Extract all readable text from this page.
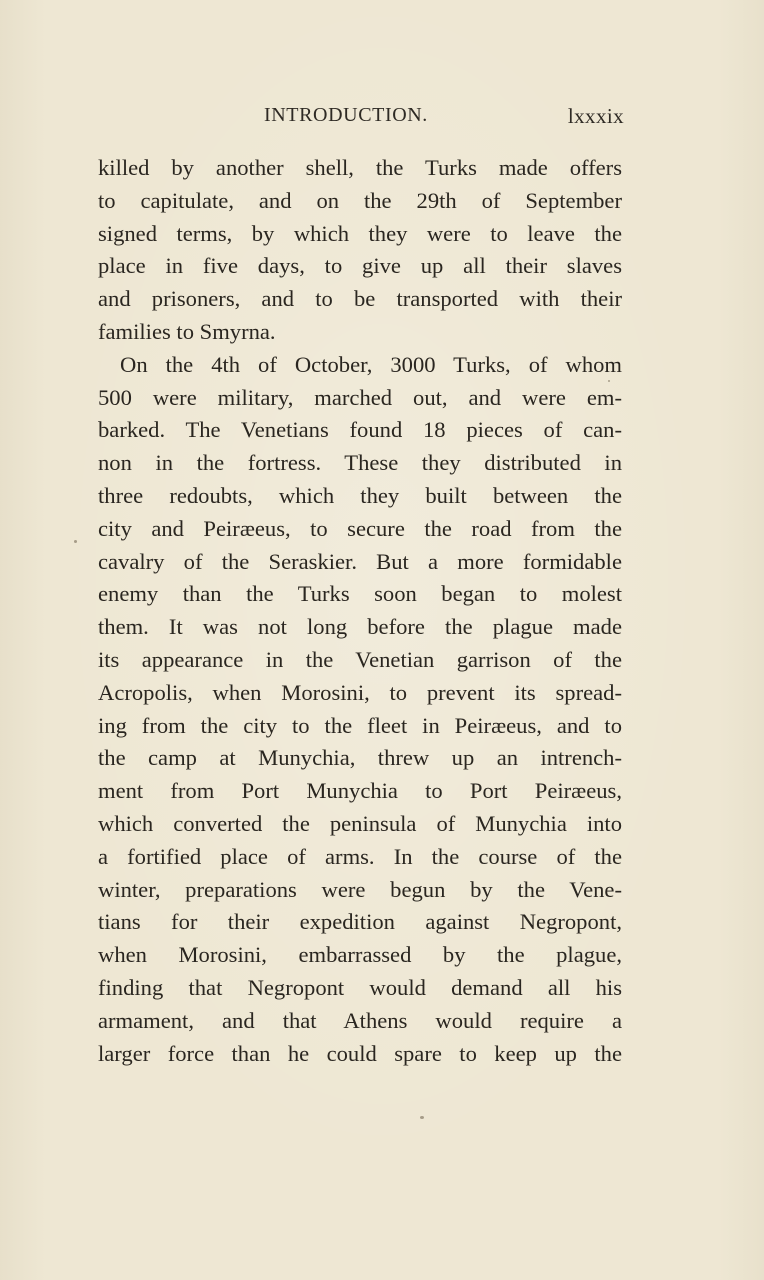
INTRODUCTION.	lxxxix
killed by another shell, the Turks made offers
to capitulate, and on the 29th of September
signed terms, by which they were to leave the
place in five days, to give up all their slaves
and prisoners, and to be transported with their
families to Smyrna.
On the 4th of October, 3000 Turks, of whom
500 were military, marched out, and were em-
barked. The Venetians found 18 pieces of can-
non in the fortress. These they distributed in
three redoubts, which they built between the
city and Peiræeus, to secure the road from the
cavalry of the Seraskier. But a more formidable
enemy than the Turks soon began to molest
them. It was not long before the plague made
its appearance in the Venetian garrison of the
Acropolis, when Morosini, to prevent its spread-
ing from the city to the fleet in Peiræeus, and to
the camp at Munychia, threw up an intrench-
ment from Port Munychia to Port Peiræeus,
which converted the peninsula of Munychia into
a fortified place of arms. In the course of the
winter, preparations were begun by the Vene-
tians for their expedition against Negropont,
when Morosini, embarrassed by the plague,
finding that Negropont would demand all his
armament, and that Athens would require a
larger force than he could spare to keep up the
